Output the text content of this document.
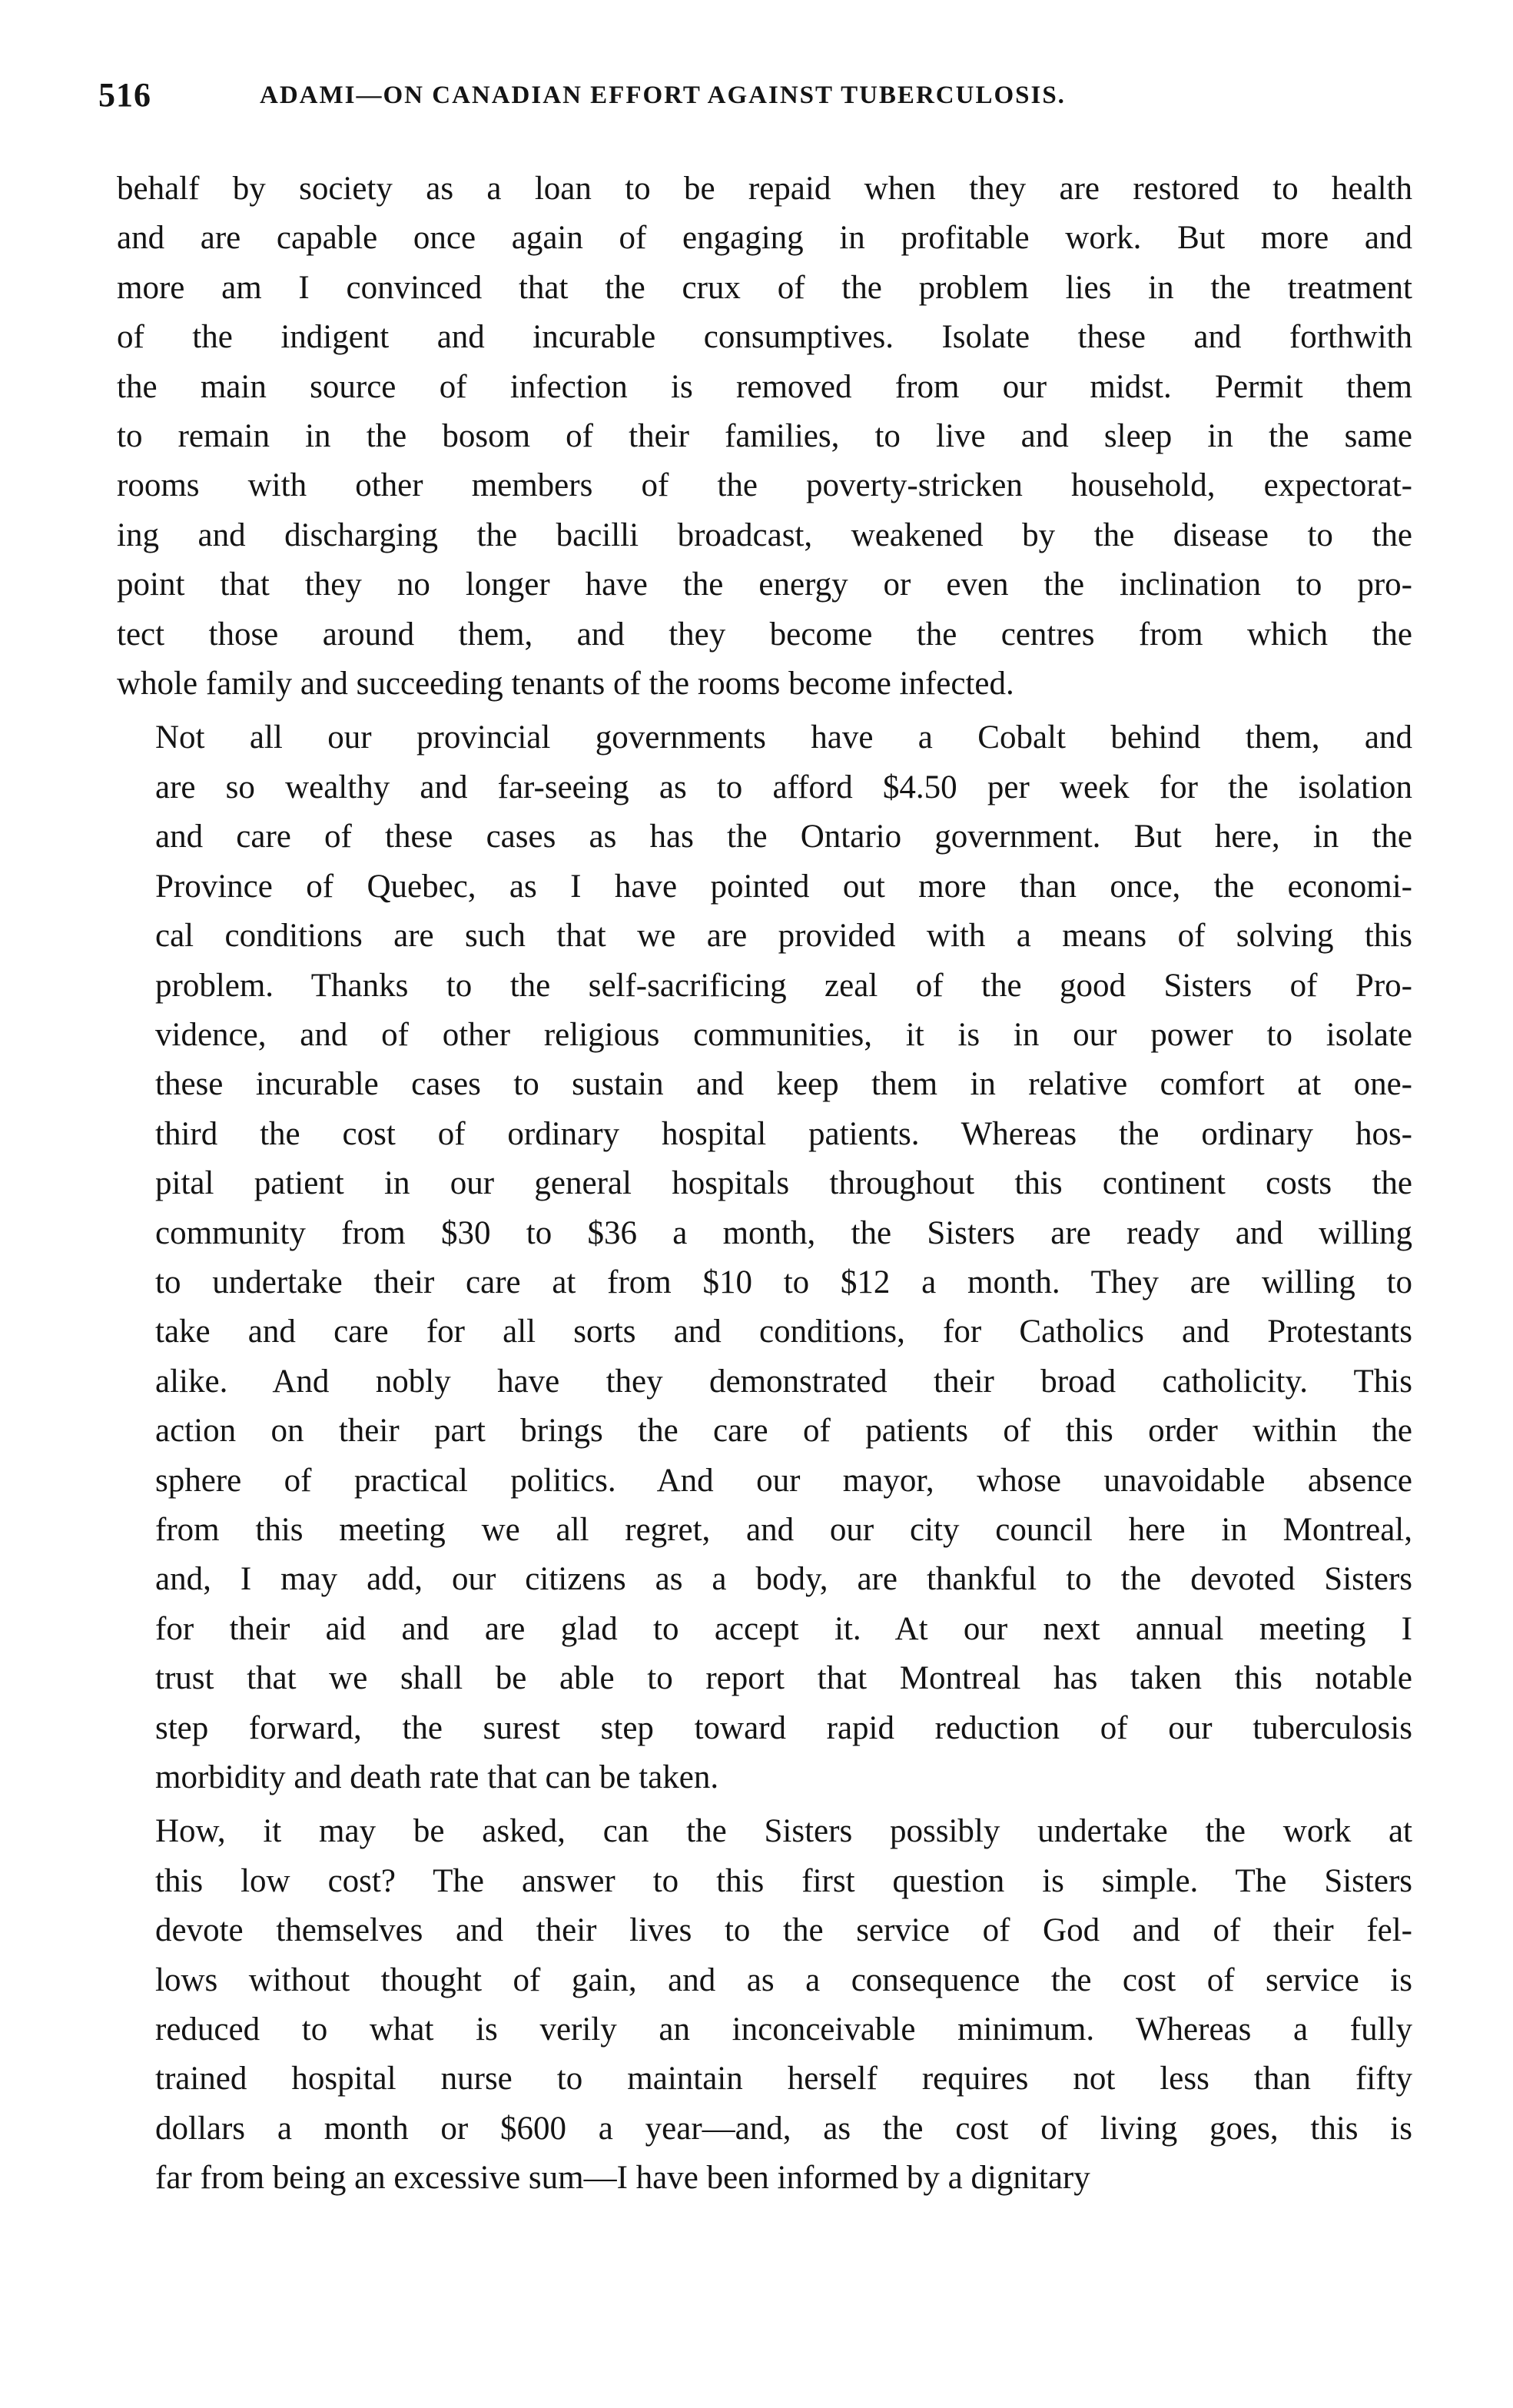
516	ADAMI—ON CANADIAN EFFORT AGAINST TUBERCULOSIS.

behalf by society as a loan to be repaid when they are restored to health
and are capable once again of engaging in profitable work. But more and
more am I convinced that the crux of the problem lies in the treatment
of the indigent and incurable consumptives. Isolate these and forthwith
the main source of infection is removed from our midst. Permit them
to remain in the bosom of their families, to live and sleep in the same
rooms with other members of the poverty-stricken household, expectorat-
ing and discharging the bacilli broadcast, weakened by the disease to the
point that they no longer have the energy or even the inclination to pro-
tect those around them, and they become the centres from which the
whole family and succeeding tenants of the rooms become infected.

Not all our provincial governments have a Cobalt behind them, and
are so wealthy and far-seeing as to afford $4.50 per week for the isolation
and care of these cases as has the Ontario government. But here, in the
Province of Quebec, as I have pointed out more than once, the economi-
cal conditions are such that we are provided with a means of solving this
problem. Thanks to the self-sacrificing zeal of the good Sisters of Pro-
vidence, and of other religious communities, it is in our power to isolate
these incurable cases to sustain and keep them in relative comfort at one-
third the cost of ordinary hospital patients. Whereas the ordinary hos-
pital patient in our general hospitals throughout this continent costs the
community from $30 to $36 a month, the Sisters are ready and willing
to undertake their care at from $10 to $12 a month. They are willing to
take and care for all sorts and conditions, for Catholics and Protestants
alike. And nobly have they demonstrated their broad catholicity. This
action on their part brings the care of patients of this order within the
sphere of practical politics. And our mayor, whose unavoidable absence
from this meeting we all regret, and our city council here in Montreal,
and, I may add, our citizens as a body, are thankful to the devoted Sisters
for their aid and are glad to accept it. At our next annual meeting I
trust that we shall be able to report that Montreal has taken this notable
step forward, the surest step toward rapid reduction of our tuberculosis
morbidity and death rate that can be taken.

How, it may be asked, can the Sisters possibly undertake the work at
this low cost? The answer to this first question is simple. The Sisters
devote themselves and their lives to the service of God and of their fel-
lows without thought of gain, and as a consequence the cost of service is
reduced to what is verily an inconceivable minimum. Whereas a fully
trained hospital nurse to maintain herself requires not less than fifty
dollars a month or $600 a year—and, as the cost of living goes, this is
far from being an excessive sum—I have been informed by a dignitary
